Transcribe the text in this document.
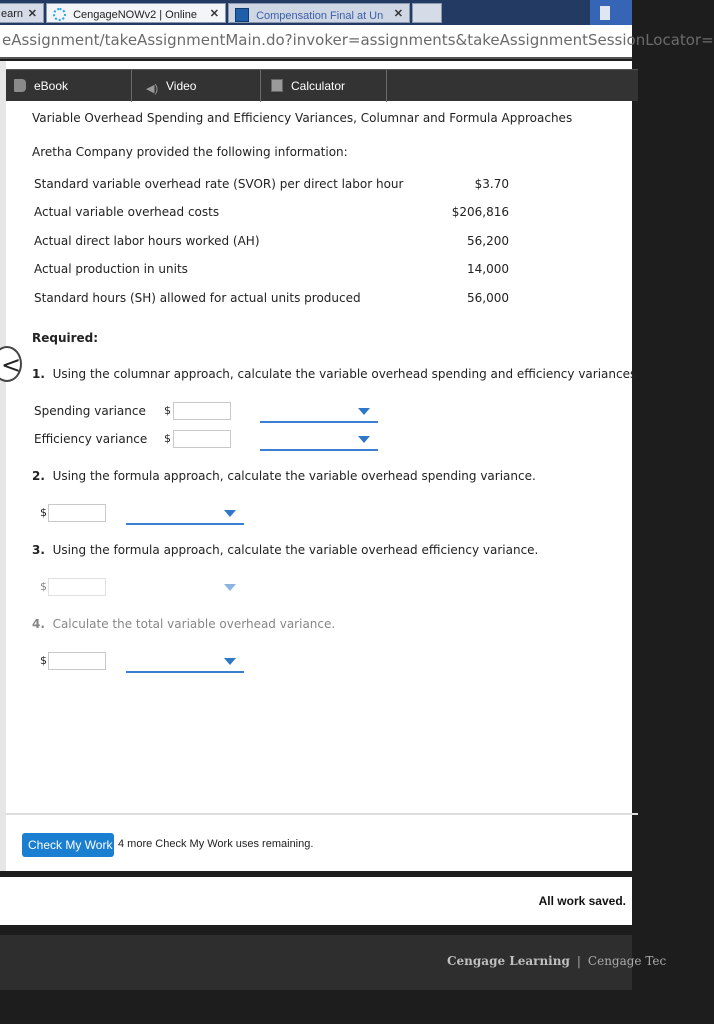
earn ✕	CengageNOWv2 | Online ✕	Compensation Final at Un ✕
eAssignment/takeAssignmentMain.do?invoker=assignments&takeAssignmentSessionLocator=
eBook	◀) Video	Calculator
Variable Overhead Spending and Efficiency Variances, Columnar and Formula Approaches
Aretha Company provided the following information:
Standard variable overhead rate (SVOR) per direct labor hour	$3.70
Actual variable overhead costs	$206,816
Actual direct labor hours worked (AH)	56,200
Actual production in units	14,000
Standard hours (SH) allowed for actual units produced	56,000
Required:
1. Using the columnar approach, calculate the variable overhead spending and efficiency variances.
Spending variance $
Efficiency variance $
2. Using the formula approach, calculate the variable overhead spending variance.
$
3. Using the formula approach, calculate the variable overhead efficiency variance.
$
4. Calculate the total variable overhead variance.
$
Check My Work 4 more Check My Work uses remaining.
<
All work saved.
Cengage Learning | Cengage Tec
